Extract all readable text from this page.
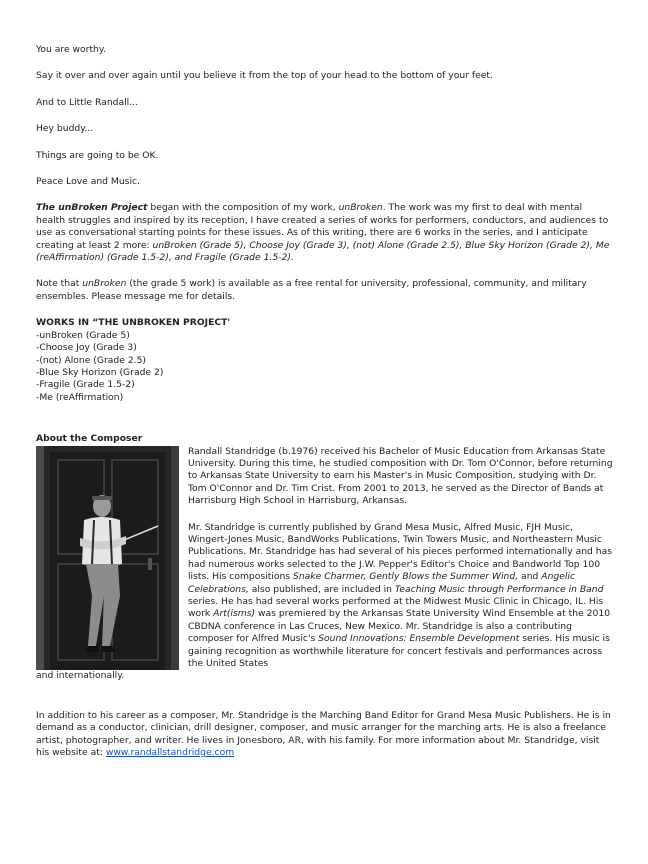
You are worthy.

Say it over and over again until you believe it from the top of your head to the bottom of your feet.

And to Little Randall...

Hey buddy...

Things are going to be OK.

Peace Love and Music.

The unBroken Project began with the composition of my work, unBroken. The work was my first to deal with mental health struggles and inspired by its reception, I have created a series of works for performers, conductors, and audiences to use as conversational starting points for these issues. As of this writing, there are 6 works in the series, and I anticipate creating at least 2 more: unBroken (Grade 5), Choose Joy (Grade 3), (not) Alone (Grade 2.5), Blue Sky Horizon (Grade 2), Me (reAffirmation) (Grade 1.5-2), and Fragile (Grade 1.5-2).

Note that unBroken (the grade 5 work) is available as a free rental for university, professional, community, and military ensembles. Please message me for details.

WORKS IN “THE UNBROKEN PROJECT'

-unBroken (Grade 5)
-Choose Joy (Grade 3)
-(not) Alone (Grade 2.5)
-Blue Sky Horizon (Grade 2)
-Fragile (Grade 1.5-2)
-Me (reAffirmation)

About the Composer

Randall Standridge (b.1976) received his Bachelor of Music Education from Arkansas State University. During this time, he studied composition with Dr. Tom O'Connor, before returning to Arkansas State University to earn his Master's in Music Composition, studying with Dr. Tom O'Connor and Dr. Tim Crist. From 2001 to 2013, he served as the Director of Bands at Harrisburg High School in Harrisburg, Arkansas.

Mr. Standridge is currently published by Grand Mesa Music, Alfred Music, FJH Music, Wingert-Jones Music, BandWorks Publications, Twin Towers Music, and Northeastern Music Publications. Mr. Standridge has had several of his pieces performed internationally and has had numerous works selected to the J.W. Pepper's Editor's Choice and Bandworld Top 100 lists. His compositions Snake Charmer, Gently Blows the Summer Wind, and Angelic Celebrations, also published, are included in Teaching Music through Performance in Band series. He has had several works performed at the Midwest Music Clinic in Chicago, IL. His work Art(isms) was premiered by the Arkansas State University Wind Ensemble at the 2010 CBDNA conference in Las Cruces, New Mexico. Mr. Standridge is also a contributing composer for Alfred Music's Sound Innovations: Ensemble Development series. His music is gaining recognition as worthwhile literature for concert festivals and performances across the United States

and internationally.

In addition to his career as a composer, Mr. Standridge is the Marching Band Editor for Grand Mesa Music Publishers. He is in demand as a conductor, clinician, drill designer, composer, and music arranger for the marching arts. He is also a freelance artist, photographer, and writer. He lives in Jonesboro, AR, with his family. For more information about Mr. Standridge, visit his website at: www.randallstandridge.com
